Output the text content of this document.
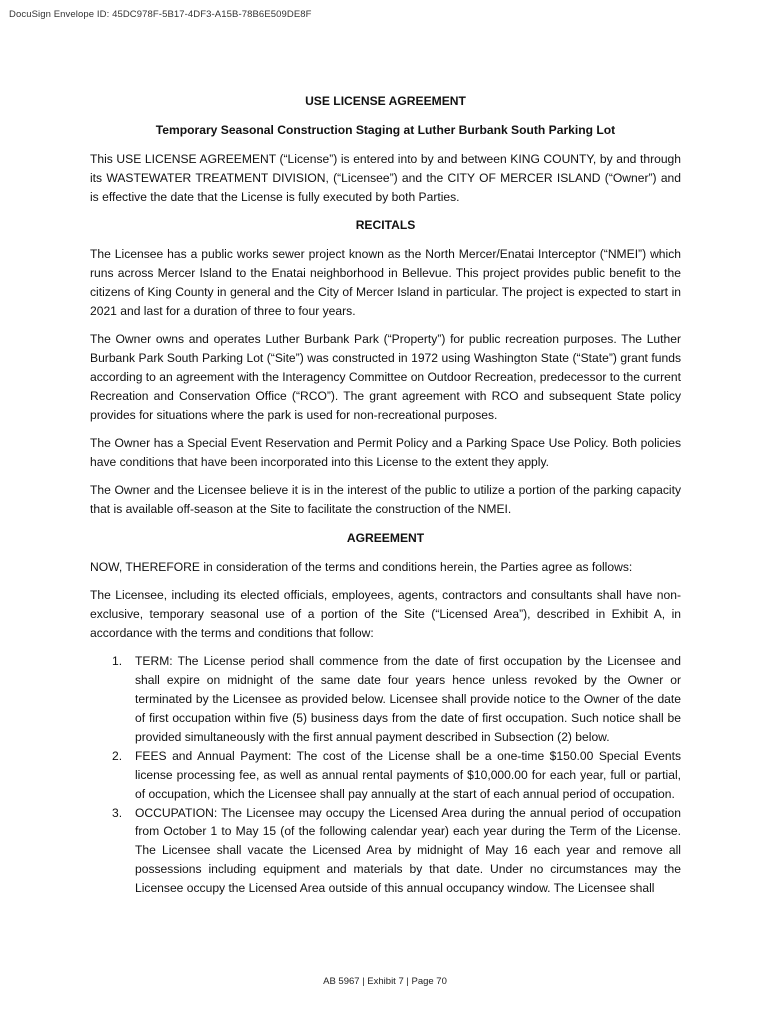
DocuSign Envelope ID: 45DC978F-5B17-4DF3-A15B-78B6E509DE8F
USE LICENSE AGREEMENT
Temporary Seasonal Construction Staging at Luther Burbank South Parking Lot

This USE LICENSE AGREEMENT (“License”) is entered into by and between KING COUNTY, by and through its WASTEWATER TREATMENT DIVISION, (“Licensee”) and the CITY OF MERCER ISLAND (“Owner”) and is effective the date that the License is fully executed by both Parties.

RECITALS

The Licensee has a public works sewer project known as the North Mercer/Enatai Interceptor (“NMEI”) which runs across Mercer Island to the Enatai neighborhood in Bellevue. This project provides public benefit to the citizens of King County in general and the City of Mercer Island in particular. The project is expected to start in 2021 and last for a duration of three to four years.

The Owner owns and operates Luther Burbank Park (“Property”) for public recreation purposes. The Luther Burbank Park South Parking Lot (“Site”) was constructed in 1972 using Washington State (“State”) grant funds according to an agreement with the Interagency Committee on Outdoor Recreation, predecessor to the current Recreation and Conservation Office (“RCO”). The grant agreement with RCO and subsequent State policy provides for situations where the park is used for non-recreational purposes.

The Owner has a Special Event Reservation and Permit Policy and a Parking Space Use Policy. Both policies have conditions that have been incorporated into this License to the extent they apply.

The Owner and the Licensee believe it is in the interest of the public to utilize a portion of the parking capacity that is available off-season at the Site to facilitate the construction of the NMEI.

AGREEMENT

NOW, THEREFORE in consideration of the terms and conditions herein, the Parties agree as follows:

The Licensee, including its elected officials, employees, agents, contractors and consultants shall have non-exclusive, temporary seasonal use of a portion of the Site (“Licensed Area”), described in Exhibit A, in accordance with the terms and conditions that follow:

1. TERM: The License period shall commence from the date of first occupation by the Licensee and shall expire on midnight of the same date four years hence unless revoked by the Owner or terminated by the Licensee as provided below. Licensee shall provide notice to the Owner of the date of first occupation within five (5) business days from the date of first occupation. Such notice shall be provided simultaneously with the first annual payment described in Subsection (2) below.
2. FEES and Annual Payment: The cost of the License shall be a one-time $150.00 Special Events license processing fee, as well as annual rental payments of $10,000.00 for each year, full or partial, of occupation, which the Licensee shall pay annually at the start of each annual period of occupation.
3. OCCUPATION: The Licensee may occupy the Licensed Area during the annual period of occupation from October 1 to May 15 (of the following calendar year) each year during the Term of the License. The Licensee shall vacate the Licensed Area by midnight of May 16 each year and remove all possessions including equipment and materials by that date. Under no circumstances may the Licensee occupy the Licensed Area outside of this annual occupancy window. The Licensee shall
AB 5967 | Exhibit 7 | Page 70
